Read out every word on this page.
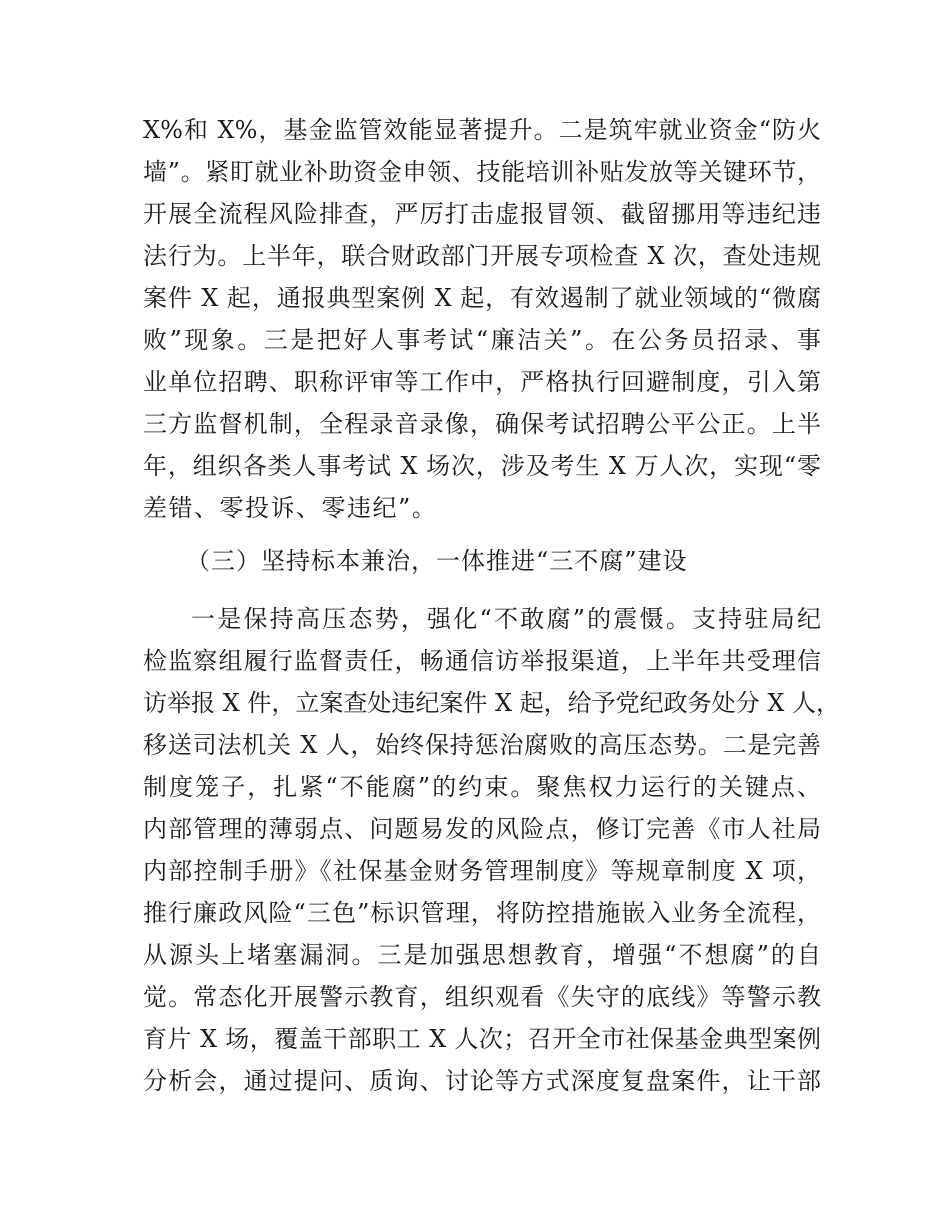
X%和 X%，基金监管效能显著提升。二是筑牢就业资金“防火
墙”。紧盯就业补助资金申领、技能培训补贴发放等关键环节，
开展全流程风险排查，严厉打击虚报冒领、截留挪用等违纪违
法行为。上半年，联合财政部门开展专项检查 X 次，查处违规
案件 X 起，通报典型案例 X 起，有效遏制了就业领域的“微腐
败”现象。三是把好人事考试“廉洁关”。在公务员招录、事
业单位招聘、职称评审等工作中，严格执行回避制度，引入第
三方监督机制，全程录音录像，确保考试招聘公平公正。上半
年，组织各类人事考试 X 场次，涉及考生 X 万人次，实现“零
差错、零投诉、零违纪”。
（三）坚持标本兼治，一体推进“三不腐”建设
一是保持高压态势，强化“不敢腐”的震慑。支持驻局纪
检监察组履行监督责任，畅通信访举报渠道，上半年共受理信
访举报 X 件，立案查处违纪案件 X 起，给予党纪政务处分 X 人，
移送司法机关 X 人，始终保持惩治腐败的高压态势。二是完善
制度笼子，扎紧“不能腐”的约束。聚焦权力运行的关键点、
内部管理的薄弱点、问题易发的风险点，修订完善《市人社局
内部控制手册》《社保基金财务管理制度》等规章制度 X 项，
推行廉政风险“三色”标识管理，将防控措施嵌入业务全流程，
从源头上堵塞漏洞。三是加强思想教育，增强“不想腐”的自
觉。常态化开展警示教育，组织观看《失守的底线》等警示教
育片 X 场，覆盖干部职工 X 人次；召开全市社保基金典型案例
分析会，通过提问、质询、讨论等方式深度复盘案件，让干部
